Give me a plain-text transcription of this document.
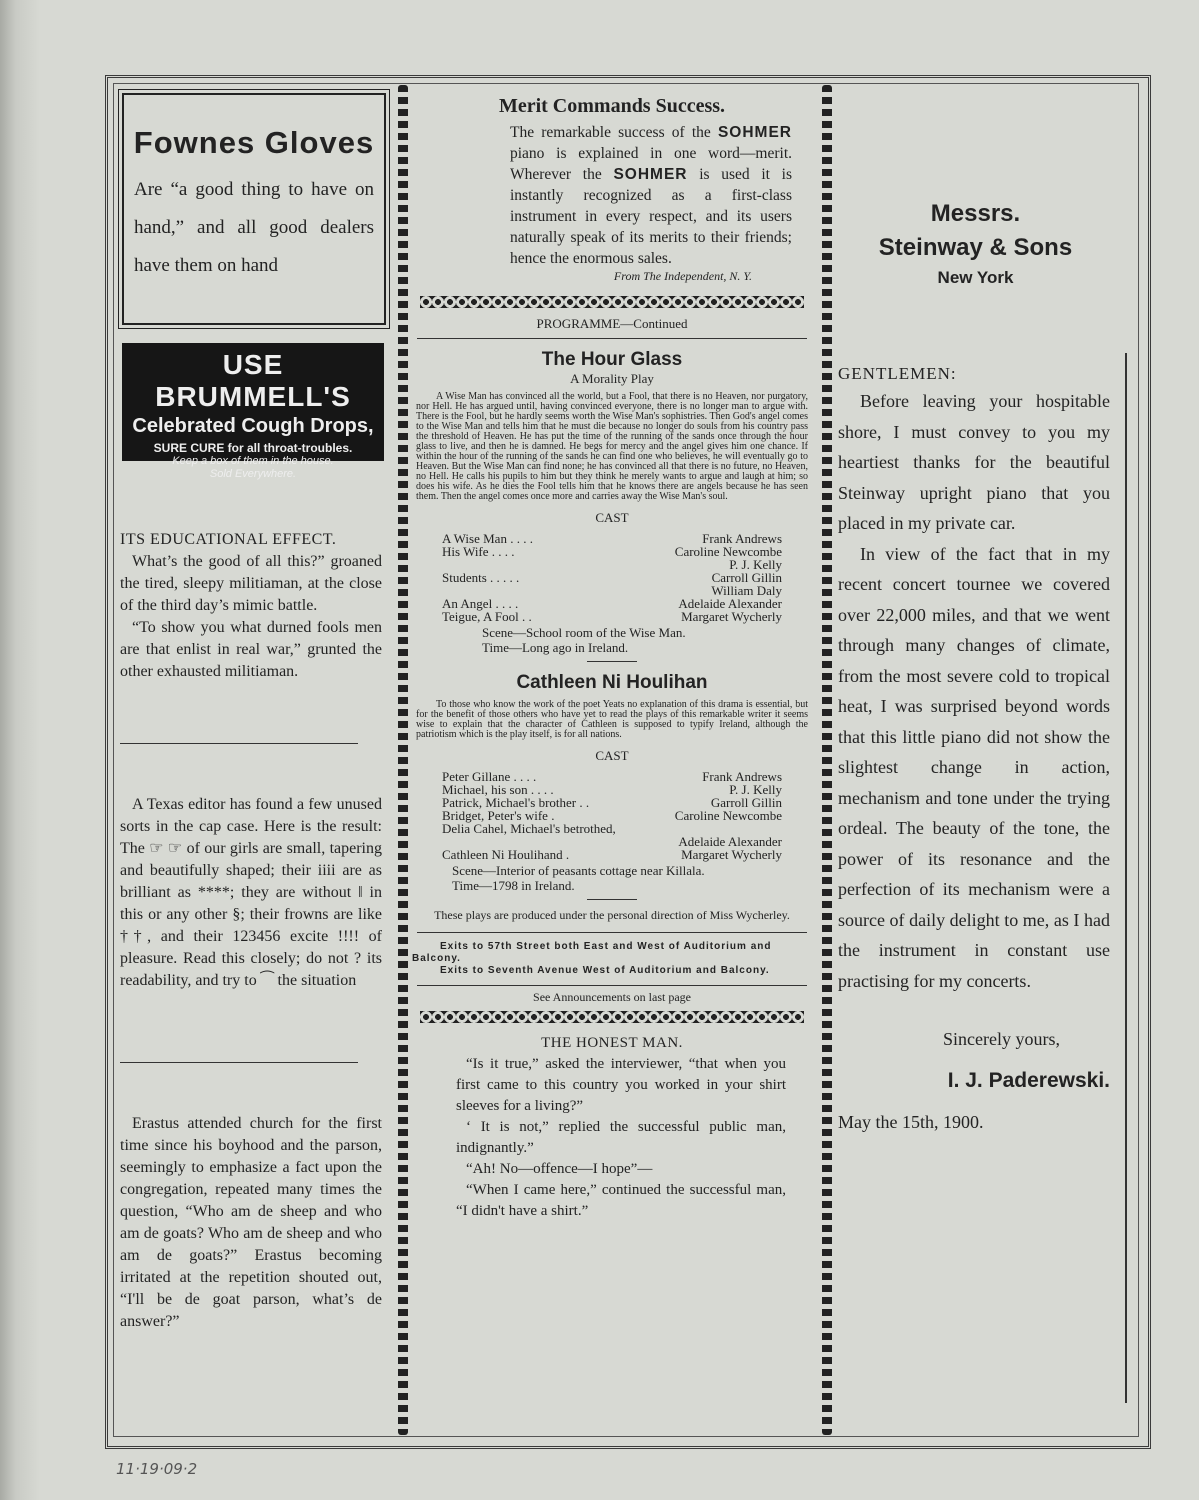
Fownes Gloves
Are “a good thing to have on hand,” and all good dealers have them on hand
USE BRUMMELL'S
Celebrated Cough Drops,
SURE CURE for all throat-troubles.
Keep a box of them in the house.
Sold Everywhere.
ITS EDUCATIONAL EFFECT.
What’s the good of all this?” groaned the tired, sleepy militiaman, at the close of the third day’s mimic battle.
“To show you what durned fools men are that enlist in real war,” grunted the other exhausted militiaman.
A Texas editor has found a few unused sorts in the cap case. Here is the result: The ☞ ☞ of our girls are small, tapering and beautifully shaped; their iiii are as brilliant as ****; they are without ‖ in this or any other §; their frowns are like ††, and their 123456 excite !!!! of pleasure. Read this closely; do not ? its readability, and try to ⁀ the situation
Erastus attended church for the first time since his boyhood and the parson, seemingly to emphasize a fact upon the congregation, repeated many times the question, “Who am de sheep and who am de goats? Who am de sheep and who am de goats?” Erastus becoming irritated at the repetition shouted out, “I'll be de goat parson, what’s de answer?”
Merit Commands Success.
The remarkable success of the SOHMER piano is explained in one word—merit. Wherever the SOHMER is used it is instantly recognized as a first-class instrument in every respect, and its users naturally speak of its merits to their friends; hence the enormous sales.
From The Independent, N. Y.
PROGRAMME—Continued
The Hour Glass
A Morality Play
A Wise Man has convinced all the world, but a Fool, that there is no Heaven, nor purgatory, nor Hell. He has argued until, having convinced everyone, there is no longer man to argue with. There is the Fool, but he hardly seems worth the Wise Man's sophistries. Then God's angel comes to the Wise Man and tells him that he must die because no longer do souls from his country pass the threshold of Heaven. He has put the time of the running of the sands once through the hour glass to live, and then he is damned. He begs for mercy and the angel gives him one chance. If within the hour of the running of the sands he can find one who believes, he will eventually go to Heaven. But the Wise Man can find none; he has convinced all that there is no future, no Heaven, no Hell. He calls his pupils to him but they think he merely wants to argue and laugh at him; so does his wife. As he dies the Fool tells him that he knows there are angels because he has seen them. Then the angel comes once more and carries away the Wise Man's soul.
CAST
A Wise Man . . . .	Frank Andrews
His Wife . . . .	Caroline Newcombe
P. J. Kelly
Students . . . . .	Carroll Gillin
William Daly
An Angel . . . .	Adelaide Alexander
Teigue, A Fool . .	Margaret Wycherly
Scene—School room of the Wise Man.
Time—Long ago in Ireland.
Cathleen Ni Houlihan
To those who know the work of the poet Yeats no explanation of this drama is essential, but for the benefit of those others who have yet to read the plays of this remarkable writer it seems wise to explain that the character of Cathleen is supposed to typify Ireland, although the patriotism which is the play itself, is for all nations.
CAST
Peter Gillane . . . .	Frank Andrews
Michael, his son . . . .	P. J. Kelly
Patrick, Michael's brother . .	Garroll Gillin
Bridget, Peter's wife .	Caroline Newcombe
Delia Cahel, Michael's betrothed,
Adelaide Alexander
Cathleen Ni Houlihand .	Margaret Wycherly
Scene—Interior of peasants cottage near Killala.
Time—1798 in Ireland.
These plays are produced under the personal direction of Miss Wycherley.
Exits to 57th Street both East and West of Auditorium and Balcony.
Exits to Seventh Avenue West of Auditorium and Balcony.
See Announcements on last page
THE HONEST MAN.
“Is it true,” asked the interviewer, “that when you first came to this country you worked in your shirt sleeves for a living?”
‘ It is not,” replied the successful public man, indignantly.”
“Ah! No—offence—I hope”—
“When I came here,” continued the successful man, “I didn't have a shirt.”
Messrs.
Steinway & Sons
New York
GENTLEMEN:
Before leaving your hospitable shore, I must convey to you my heartiest thanks for the beautiful Steinway upright piano that you placed in my private car.
In view of the fact that in my recent concert tournee we covered over 22,000 miles, and that we went through many changes of climate, from the most severe cold to tropical heat, I was surprised beyond words that this little piano did not show the slightest change in action, mechanism and tone under the trying ordeal. The beauty of the tone, the power of its resonance and the perfection of its mechanism were a source of daily delight to me, as I had the instrument in constant use practising for my concerts.
Sincerely yours,
I. J. Paderewski.
May the 15th, 1900.
11·19·09·2
